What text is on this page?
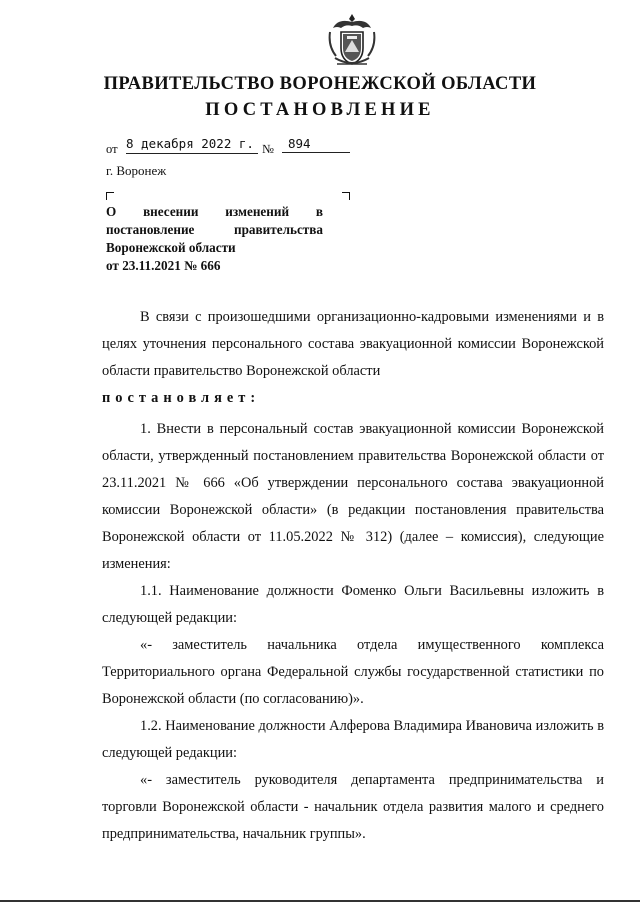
ПРАВИТЕЛЬСТВО ВОРОНЕЖСКОЙ ОБЛАСТИ
ПОСТАНОВЛЕНИЕ
от 8 декабря 2022 г. №	894
г. Воронеж
О внесении изменений в
постановление правительства
Воронежской области
от 23.11.2021 № 666

В связи с произошедшими организационно-кадровыми изменениями и в целях уточнения персонального состава эвакуационной комиссии Воронежской области правительство Воронежской области

постановляет:

1. Внести в персональный состав эвакуационной комиссии Воронежской области, утвержденный постановлением правительства Воронежской области от 23.11.2021 № 666 «Об утверждении персонального состава эвакуационной комиссии Воронежской области» (в редакции постановления правительства Воронежской области от 11.05.2022 № 312) (далее – комиссия), следующие изменения:

1.1. Наименование должности Фоменко Ольги Васильевны изложить в следующей редакции:

«- заместитель начальника отдела имущественного комплекса Территориального органа Федеральной службы государственной статистики по Воронежской области (по согласованию)».

1.2. Наименование должности Алферова Владимира Ивановича изложить в следующей редакции:

«- заместитель руководителя департамента предпринимательства и торговли Воронежской области - начальник отдела развития малого и среднего предпринимательства, начальник группы».
